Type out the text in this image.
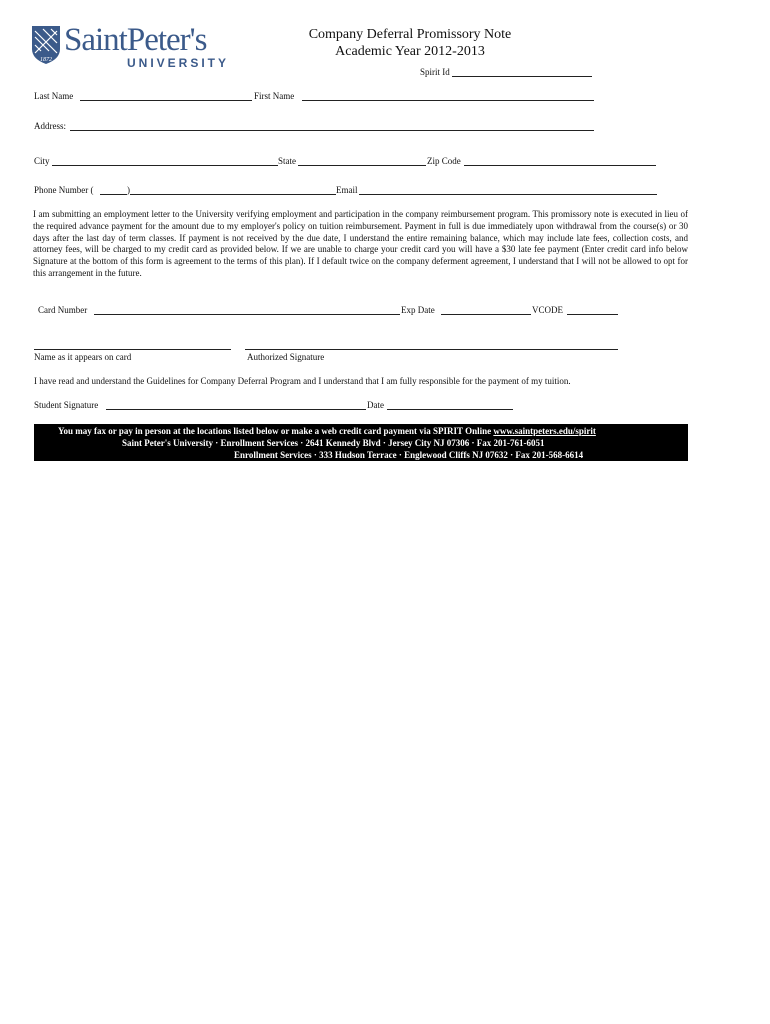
1872
SaintPeter's
UNIVERSITY
Company Deferral Promissory Note
Academic Year 2012-2013
Spirit Id
Last Name	First Name
Address:
City	State	Zip Code
Phone Number (	)	Email
I am submitting an employment letter to the University verifying employment and participation in the company reimbursement program. This promissory note is executed in lieu of the required advance payment for the amount due to my employer's policy on tuition reimbursement. Payment in full is due immediately upon withdrawal from the course(s) or 30 days after the last day of term classes. If payment is not received by the due date, I understand the entire remaining balance, which may include late fees, collection costs, and attorney fees, will be charged to my credit card as provided below. If we are unable to charge your credit card you will have a $30 late fee payment (Enter credit card info below Signature at the bottom of this form is agreement to the terms of this plan). If I default twice on the company deferment agreement, I understand that I will not be allowed to opt for this arrangement in the future.
Card Number	Exp Date	VCODE
Name as it appears on card	Authorized Signature
I have read and understand the Guidelines for Company Deferral Program and I understand that I am fully responsible for the payment of my tuition.
Student Signature	Date
You may fax or pay in person at the locations listed below or make a web credit card payment via SPIRIT Online www.saintpeters.edu/spirit
Saint Peter's University · Enrollment Services · 2641 Kennedy Blvd · Jersey City NJ 07306 · Fax 201-761-6051
Enrollment Services · 333 Hudson Terrace · Englewood Cliffs NJ 07632 · Fax 201-568-6614
